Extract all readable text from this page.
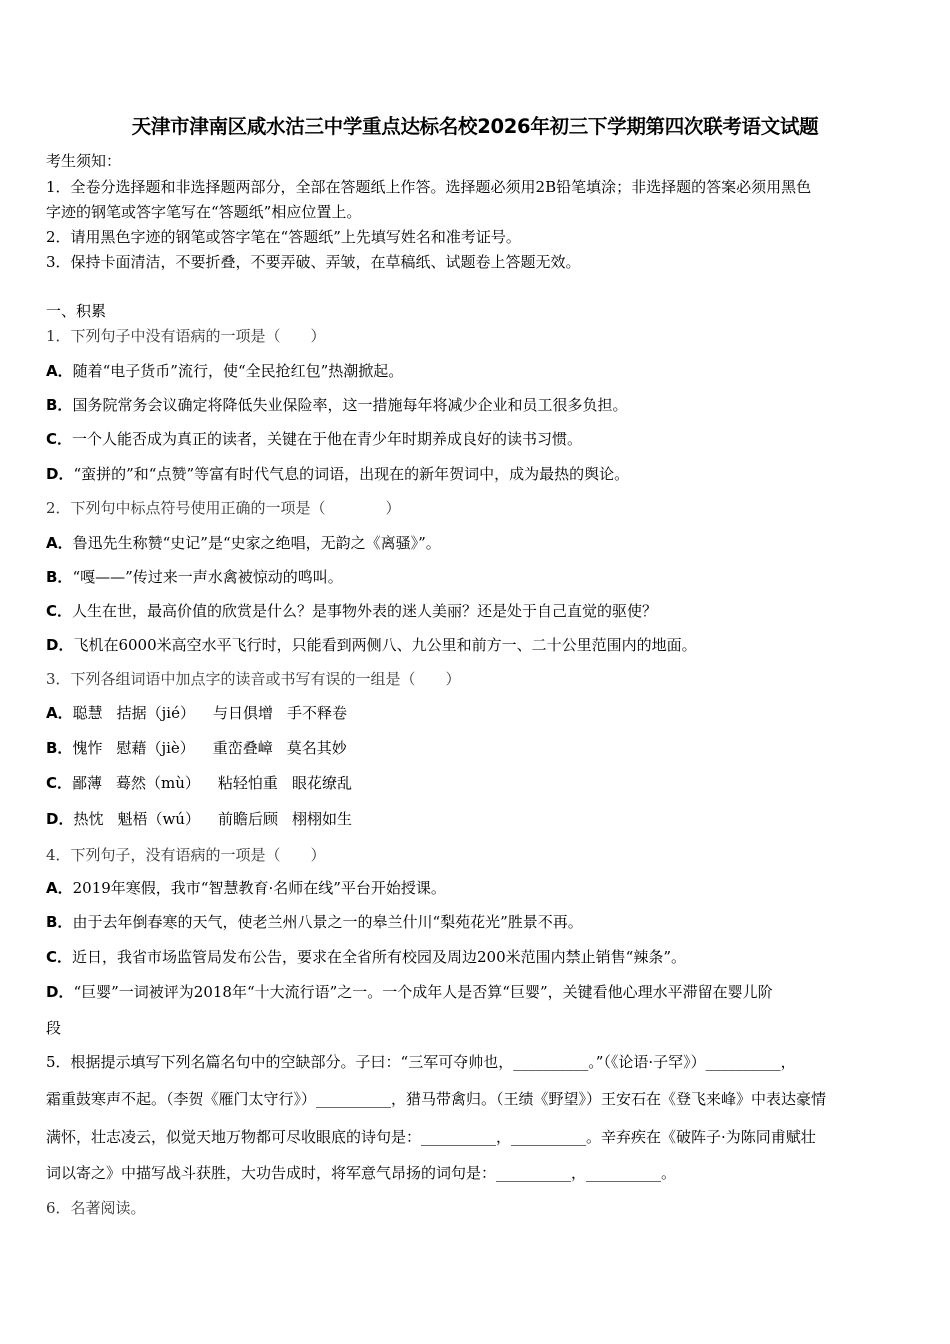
天津市津南区咸水沽三中学重点达标名校2026年初三下学期第四次联考语文试题
考生须知：
1．全卷分选择题和非选择题两部分，全部在答题纸上作答。选择题必须用2B铅笔填涂；非选择题的答案必须用黑色
字迹的钢笔或答字笔写在“答题纸”相应位置上。
2．请用黑色字迹的钢笔或答字笔在“答题纸”上先填写姓名和准考证号。
3．保持卡面清洁，不要折叠，不要弄破、弄皱，在草稿纸、试题卷上答题无效。
一、积累
1．下列句子中没有语病的一项是（　　）
A．随着“电子货币”流行，使“全民抢红包”热潮掀起。
B．国务院常务会议确定将降低失业保险率，这一措施每年将减少企业和员工很多负担。
C．一个人能否成为真正的读者，关键在于他在青少年时期养成良好的读书习惯。
D．“蛮拼的”和“点赞”等富有时代气息的词语，出现在的新年贺词中，成为最热的舆论。
2．下列句中标点符号使用正确的一项是（　　　　）
A．鲁迅先生称赞“史记”是“史家之绝唱，无韵之《离骚》”。
B．“嘎——”传过来一声水禽被惊动的鸣叫。
C．人生在世，最高价值的欣赏是什么？是事物外表的迷人美丽？还是处于自己直觉的驱使？
D．飞机在6000米高空水平飞行时，只能看到两侧八、九公里和前方一、二十公里范围内的地面。
3．下列各组词语中加点字的读音或书写有误的一组是（　　）
A．聪慧 拮据（jié） 与日俱增 手不释卷
B．愧怍 慰藉（jiè） 重峦叠嶂 莫名其妙
C．鄙薄 蓦然（mù） 粘轻怕重 眼花缭乱
D．热忱 魁梧（wú） 前瞻后顾 栩栩如生
4．下列句子，没有语病的一项是（　　）
A．2019年寒假，我市“智慧教育·名师在线”平台开始授课。
B．由于去年倒春寒的天气，使老兰州八景之一的皋兰什川“梨苑花光”胜景不再。
C．近日，我省市场监管局发布公告，要求在全省所有校园及周边200米范围内禁止销售“辣条”。
D．“巨婴”一词被评为2018年“十大流行语”之一。一个成年人是否算“巨婴”，关键看他心理水平滞留在婴儿阶
段
5．根据提示填写下列名篇名句中的空缺部分。子曰：“三军可夺帅也，__________。”（《论语·子罕》）__________，
霜重鼓寒声不起。（李贺《雁门太守行》）__________，猎马带禽归。（王绩《野望》）王安石在《登飞来峰》中表达豪情
满怀，壮志凌云，似觉天地万物都可尽收眼底的诗句是：__________，__________。辛弃疾在《破阵子·为陈同甫赋壮
词以寄之》中描写战斗获胜，大功告成时，将军意气昂扬的词句是：__________，__________。
6．名著阅读。
